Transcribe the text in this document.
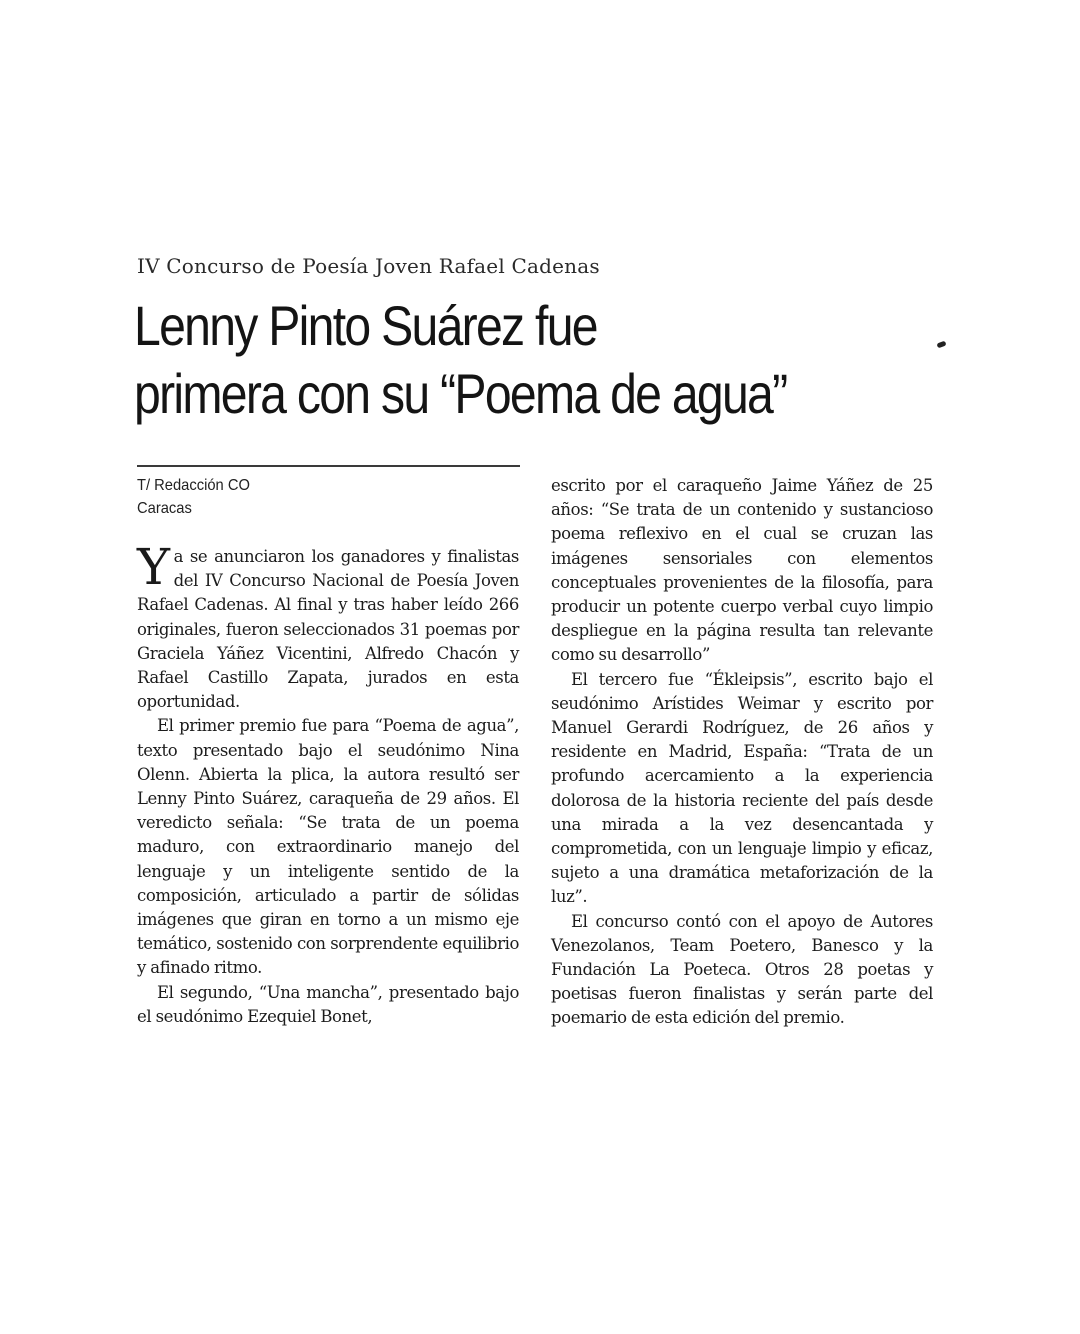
IV Concurso de Poesía Joven Rafael Cadenas
Lenny Pinto Suárez fue
primera con su “Poema de agua”
T/ Redacción CO
Caracas

Ya se anunciaron los ganadores y finalistas del IV Concurso Nacional de Poesía Joven Rafael Cadenas. Al final y tras haber leído 266 originales, fueron seleccionados 31 poemas por Graciela Yáñez Vicentini, Alfredo Chacón y Rafael Castillo Zapata, jurados en esta oportunidad.

El primer premio fue para “Poema de agua”, texto presentado bajo el seudónimo Nina Olenn. Abierta la plica, la autora resultó ser Lenny Pinto Suárez, caraqueña de 29 años. El veredicto señala: “Se trata de un poema maduro, con extraordinario manejo del lenguaje y un inteligente sentido de la composición, articulado a partir de sólidas imágenes que giran en torno a un mismo eje temático, sostenido con sorprendente equilibrio y afinado ritmo.

El segundo, “Una mancha”, presentado bajo el seudónimo Ezequiel Bonet,

escrito por el caraqueño Jaime Yáñez de 25 años: “Se trata de un contenido y sustancioso poema reflexivo en el cual se cruzan las imágenes sensoriales con elementos conceptuales provenientes de la filosofía, para producir un potente cuerpo verbal cuyo limpio despliegue en la página resulta tan relevante como su desarrollo”

El tercero fue “Ékleipsis”, escrito bajo el seudónimo Arístides Weimar y escrito por Manuel Gerardi Rodríguez, de 26 años y residente en Madrid, España: “Trata de un profundo acercamiento a la experiencia dolorosa de la historia reciente del país desde una mirada a la vez desencantada y comprometida, con un lenguaje limpio y eficaz, sujeto a una dramática metaforización de la luz”.

El concurso contó con el apoyo de Autores Venezolanos, Team Poetero, Banesco y la Fundación La Poeteca. Otros 28 poetas y poetisas fueron finalistas y serán parte del poemario de esta edición del premio.
